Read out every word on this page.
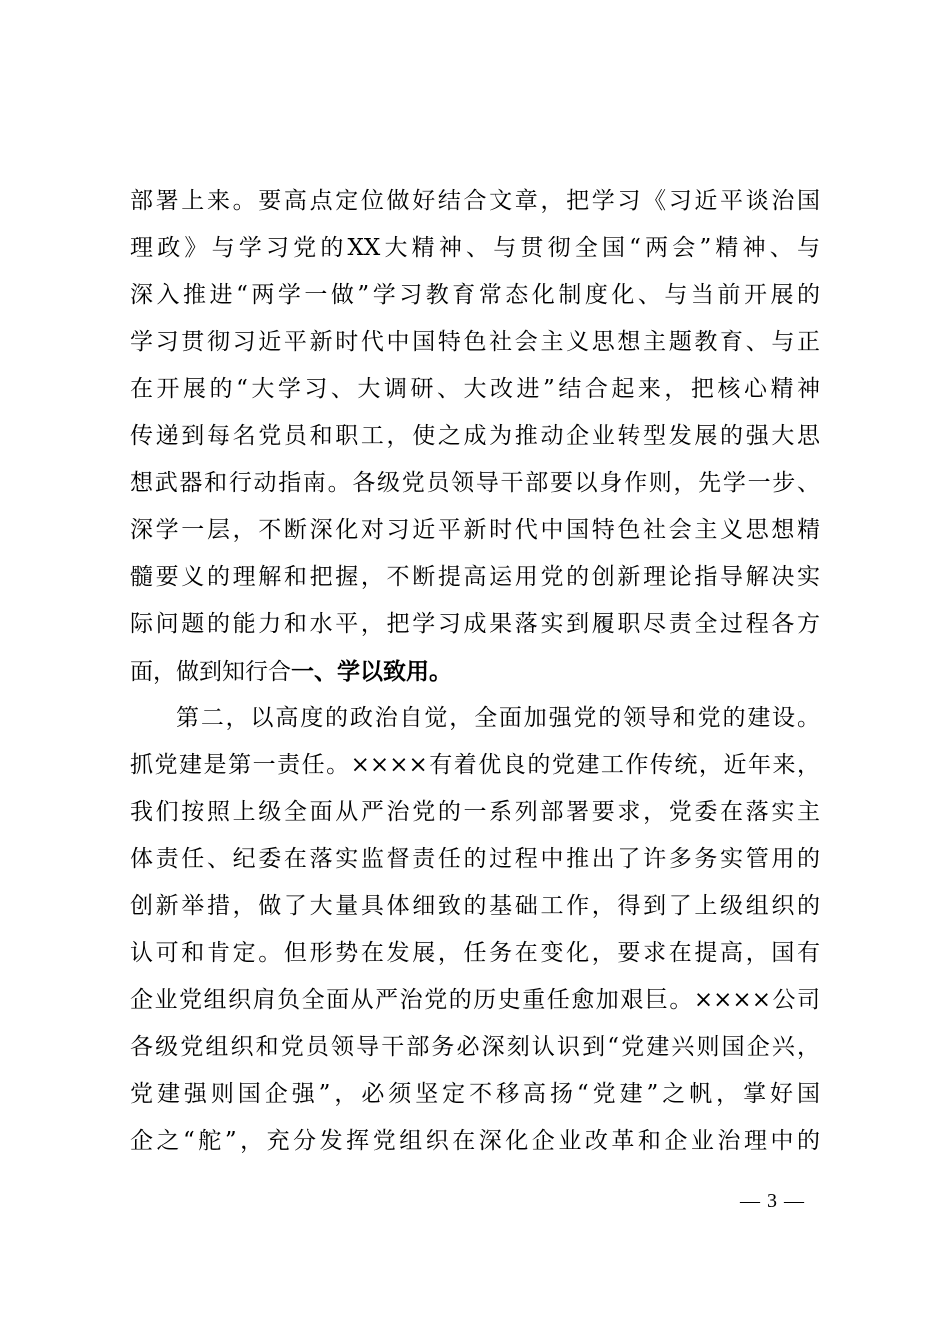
部署上来。要高点定位做好结合文章，把学习《习近平谈治国
理政》与学习党的XX大精神、与贯彻全国“两会”精神、与
深入推进“两学一做”学习教育常态化制度化、与当前开展的
学习贯彻习近平新时代中国特色社会主义思想主题教育、与正
在开展的“大学习、大调研、大改进”结合起来，把核心精神
传递到每名党员和职工，使之成为推动企业转型发展的强大思
想武器和行动指南。各级党员领导干部要以身作则，先学一步、
深学一层，不断深化对习近平新时代中国特色社会主义思想精
髓要义的理解和把握，不断提高运用党的创新理论指导解决实
际问题的能力和水平，把学习成果落实到履职尽责全过程各方
面，做到知行合一、学以致用。
第二，以高度的政治自觉，全面加强党的领导和党的建设。
抓党建是第一责任。××××有着优良的党建工作传统，近年来，
我们按照上级全面从严治党的一系列部署要求，党委在落实主
体责任、纪委在落实监督责任的过程中推出了许多务实管用的
创新举措，做了大量具体细致的基础工作，得到了上级组织的
认可和肯定。但形势在发展，任务在变化，要求在提高，国有
企业党组织肩负全面从严治党的历史重任愈加艰巨。××××公司
各级党组织和党员领导干部务必深刻认识到“党建兴则国企兴，
党建强则国企强”，必须坚定不移高扬“党建”之帆，掌好国
企之“舵”，充分发挥党组织在深化企业改革和企业治理中的
— 3 —
